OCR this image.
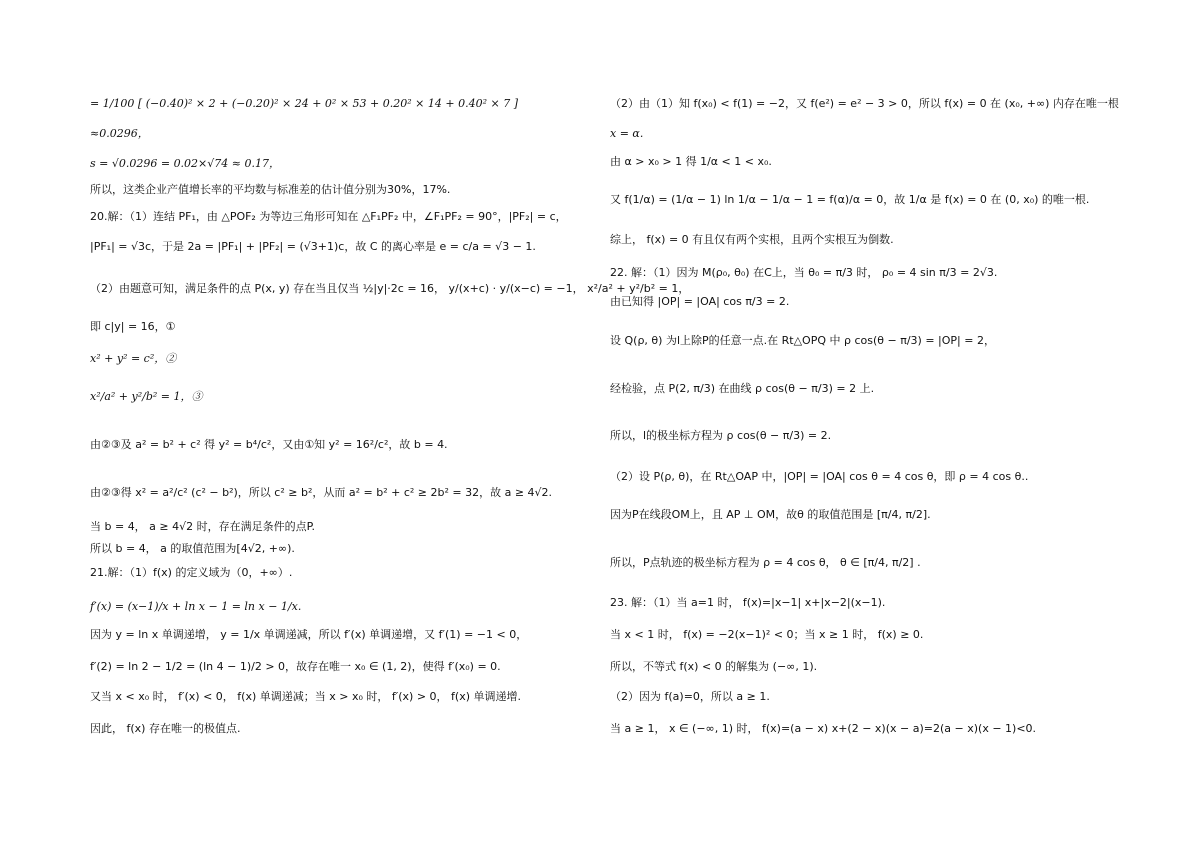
= 1/100 [ (−0.40)² × 2 + (−0.20)² × 24 + 0² × 53 + 0.20² × 14 + 0.40² × 7 ]
≈0.0296，
s = √0.0296 = 0.02×√74 ≈ 0.17，
所以，这类企业产值增长率的平均数与标准差的估计值分别为30%，17%.
20.解：（1）连结 PF₁，由 △POF₂ 为等边三角形可知在 △F₁PF₂ 中，∠F₁PF₂ = 90°，|PF₂| = c，
|PF₁| = √3c，于是 2a = |PF₁| + |PF₂| = (√3+1)c，故 C 的离心率是 e = c/a = √3 − 1.
（2）由题意可知，满足条件的点 P(x, y) 存在当且仅当 ½|y|·2c = 16， y/(x+c) · y/(x−c) = −1， x²/a² + y²/b² = 1，
即 c|y| = 16，①
x² + y² = c²，②
x²/a² + y²/b² = 1，③
由②③及 a² = b² + c² 得 y² = b⁴/c²，又由①知 y² = 16²/c²，故 b = 4.
由②③得 x² = a²/c² (c² − b²)，所以 c² ≥ b²，从而 a² = b² + c² ≥ 2b² = 32，故 a ≥ 4√2.
当 b = 4， a ≥ 4√2 时，存在满足条件的点P.
所以 b = 4， a 的取值范围为[4√2, +∞).
21.解：（1）f(x) 的定义域为（0，+∞）.
f′(x) = (x−1)/x + ln x − 1 = ln x − 1/x.
因为 y = ln x 单调递增， y = 1/x 单调递减，所以 f′(x) 单调递增，又 f′(1) = −1 < 0，
f′(2) = ln 2 − 1/2 = (ln 4 − 1)/2 > 0，故存在唯一 x₀ ∈ (1, 2)，使得 f′(x₀) = 0.
又当 x < x₀ 时， f′(x) < 0， f(x) 单调递减；当 x > x₀ 时， f′(x) > 0， f(x) 单调递增.
因此， f(x) 存在唯一的极值点.
（2）由（1）知 f(x₀) < f(1) = −2，又 f(e²) = e² − 3 > 0，所以 f(x) = 0 在 (x₀, +∞) 内存在唯一根
x = α.
由 α > x₀ > 1 得 1/α < 1 < x₀.
又 f(1/α) = (1/α − 1) ln 1/α − 1/α − 1 = f(α)/α = 0，故 1/α 是 f(x) = 0 在 (0, x₀) 的唯一根.
综上， f(x) = 0 有且仅有两个实根，且两个实根互为倒数.
22. 解：（1）因为 M(ρ₀, θ₀) 在C上，当 θ₀ = π/3 时， ρ₀ = 4 sin π/3 = 2√3.
由已知得 |OP| = |OA| cos π/3 = 2.
设 Q(ρ, θ) 为l上除P的任意一点.在 Rt△OPQ 中 ρ cos(θ − π/3) = |OP| = 2，
经检验，点 P(2, π/3) 在曲线 ρ cos(θ − π/3) = 2 上.
所以，l的极坐标方程为 ρ cos(θ − π/3) = 2.
（2）设 P(ρ, θ)，在 Rt△OAP 中，|OP| = |OA| cos θ = 4 cos θ，即 ρ = 4 cos θ..
因为P在线段OM上，且 AP ⊥ OM，故θ 的取值范围是 [π/4, π/2].
所以，P点轨迹的极坐标方程为 ρ = 4 cos θ， θ ∈ [π/4, π/2] .
23. 解：（1）当 a=1 时， f(x)=|x−1| x+|x−2|(x−1).
当 x < 1 时， f(x) = −2(x−1)² < 0；当 x ≥ 1 时， f(x) ≥ 0.
所以，不等式 f(x) < 0 的解集为 (−∞, 1).
（2）因为 f(a)=0，所以 a ≥ 1.
当 a ≥ 1， x ∈ (−∞, 1) 时， f(x)=(a − x) x+(2 − x)(x − a)=2(a − x)(x − 1)<0.
